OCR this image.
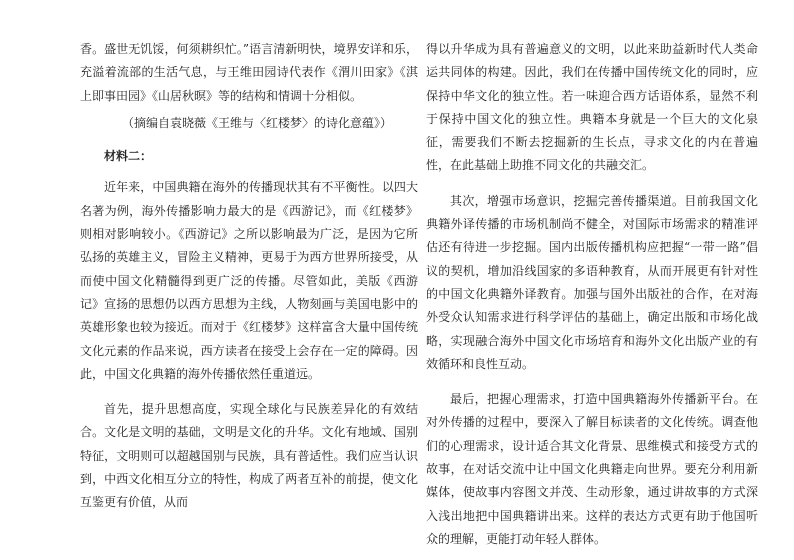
香。盛世无饥馁，何须耕织忙。”语言清新明快，境界安详和乐，充溢着流部的生活气息，与王维田园诗代表作《渭川田家》《淇上即事田园》《山居秋暝》等的结构和情调十分相似。

（摘编自袁晓薇《王维与〈红楼梦〉的诗化意蕴》）

材料二：

近年来，中国典籍在海外的传播现状其有不平衡性。以四大名著为例，海外传播影响力最大的是《西游记》，而《红楼梦》则相对影响较小。《西游记》之所以影响最为广泛，是因为它所弘扬的英雄主义，冒险主义精神，更易于为西方世界所接受，从而使中国文化精髓得到更广泛的传播。尽管如此，美版《西游记》宣扬的思想仍以西方思想为主线，人物刻画与美国电影中的英雄形象也较为接近。而对于《红楼梦》这样富含大量中国传统文化元素的作品来说，西方读者在接受上会存在一定的障碍。因此，中国文化典籍的海外传播依然任重道远。

首先，提升思想高度，实现全球化与民族差异化的有效结合。文化是文明的基础，文明是文化的升华。文化有地域、国别特征，文明则可以超越国别与民族，具有普适性。我们应当认识到，中西文化相互分立的特性，构成了两者互补的前提，使文化互鉴更有价值，从而

得以升华成为具有普遍意义的文明，以此来助益新时代人类命运共同体的构建。因此，我们在传播中国传统文化的同时，应保持中华文化的独立性。若一味迎合西方话语体系，显然不利于保持中国文化的独立性。典籍本身就是一个巨大的文化泉征，需要我们不断去挖掘新的生长点，寻求文化的内在普遍性，在此基础上助推不同文化的共融交汇。

其次，增强市场意识，挖掘完善传播渠道。目前我国文化典籍外译传播的市场机制尚不健全，对国际市场需求的精准评估还有待进一步挖掘。国内出版传播机构应把握“一带一路”倡议的契机，增加沿线国家的多语种教育，从而开展更有针对性的中国文化典籍外译教育。加强与国外出版社的合作，在对海外受众认知需求进行科学评估的基础上，确定出版和市场化战略，实现融合海外中国文化市场培育和海外文化出版产业的有效循环和良性互动。

最后，把握心理需求，打造中国典籍海外传播新平台。在对外传播的过程中，要深入了解目标读者的文化传统。调查他们的心理需求，设计适合其文化背景、思维模式和接受方式的故事，在对话交流中让中国文化典籍走向世界。要充分利用新媒体，使故事内容图文并茂、生动形象，通过讲故事的方式深入浅出地把中国典籍讲出来。这样的表达方式更有助于他国听众的理解，更能打动年轻人群体。
